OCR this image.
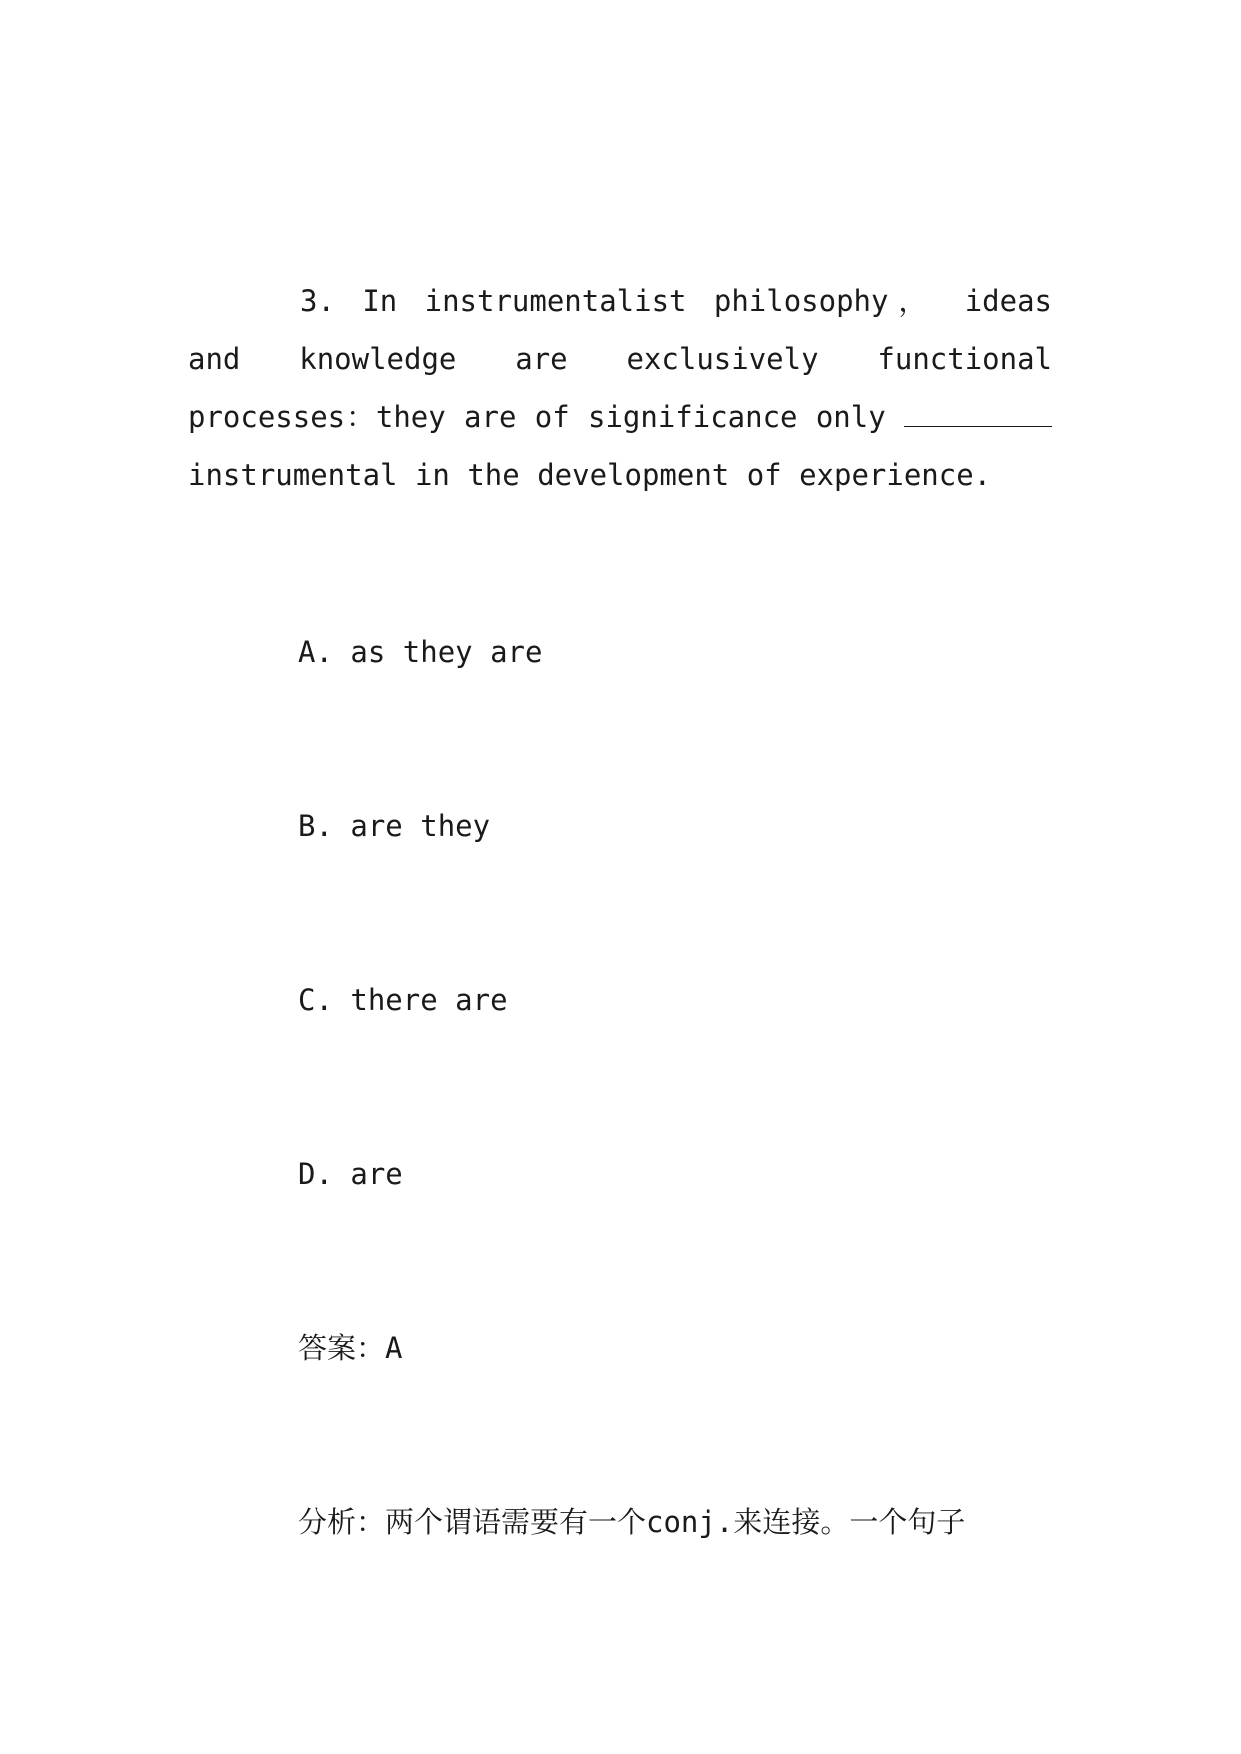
3. In instrumentalist philosophy， ideas and knowledge are exclusively functional processes：they are of significance only  instrumental in the development of experience.
A. as they are
B. are they
C. there are
D. are
答案：A
分析：两个谓语需要有一个conj.来连接。一个句子
